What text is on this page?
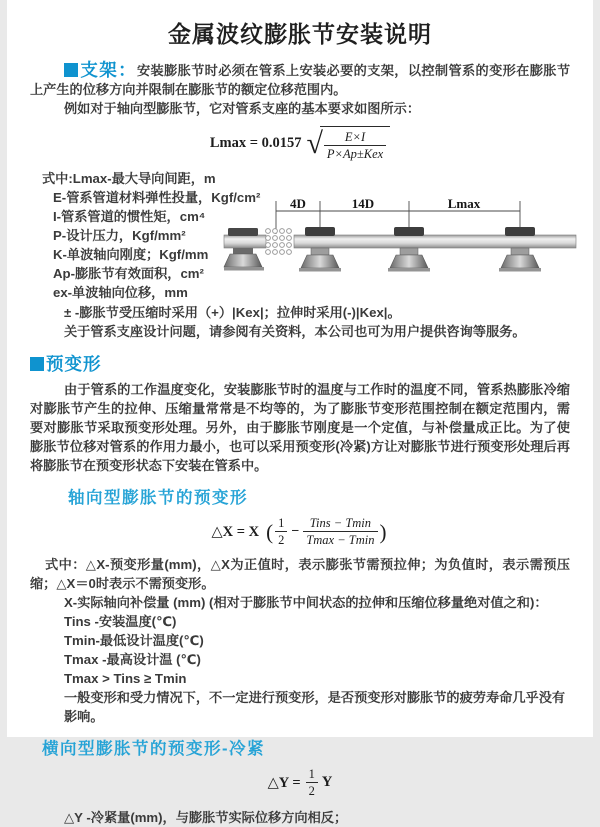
金属波纹膨胀节安装说明

支架：安装膨胀节时必须在管系上安装必要的支架，以控制管系的变形在膨胀节上产生的位移方向并限制在膨胀节的额定位移范围内。

例如对于轴向型膨胀节，它对管系支座的基本要求如图所示：

Lmax = 0.0157 √ $\frac{E\times I}{\text{P×Ap±Kex}}$
式中:Lmax-最大导向间距，m
E-管系管道材料弹性投量，Kgf/cm²
I-管系管道的惯性矩，cm⁴
P-设计压力，Kgf/mm²
K-单波轴向刚度；Kgf/mm
Ap-膨胀节有效面积，cm²
ex-单波轴向位移，mm
4D	14D	Lmax

± -膨胀节受压缩时采用（+）|Kex|；拉伸时采用(-)|Kex|。

关于管系支座设计问题，请参阅有关资料，本公司也可为用户提供咨询等服务。

预变形

由于管系的工作温度变化，安装膨胀节时的温度与工作时的温度不同，管系热膨胀冷缩对膨胀节产生的拉伸、压缩量常常是不均等的，为了膨胀节变形范围控制在额定范围内，需要对膨胀节采取预变形处理。另外，由于膨胀节刚度是一个定值，与补偿量成正比。为了使膨胀节位移对管系的作用力最小，也可以采用预变形(冷紧)方让对膨胀节进行预变形处理后再将膨胀节在预变形状态下安装在管系中。

轴向型膨胀节的预变形
△X = X ( $\frac{1}{2} - \frac{\text{Tins − Tmin}}{Tmax - Tmin}$ )

式中：△X-预变形量(mm)，△X为正值时，表示膨张节需预拉伸；为负值时，表示需预压缩；△X＝0时表示不需预变形。

X-实际轴向补偿量 (mm) (相对于膨胀节中间状态的拉伸和压缩位移量绝对值之和)：

Tins -安装温度(℃)

Tmin-最低设计温度(℃)

Tmax -最高设计温 (℃)

Tmax > Tins ≥ Tmin

一般变形和受力情况下，不一定进行预变形，是否预变形对膨胀节的疲劳寿命几乎没有影响。

横向型膨胀节的预变形-冷紧
△Y = $\frac{1}{2}$ Y

△Y -冷紧量(mm)，与膨胀节实际位移方向相反；
